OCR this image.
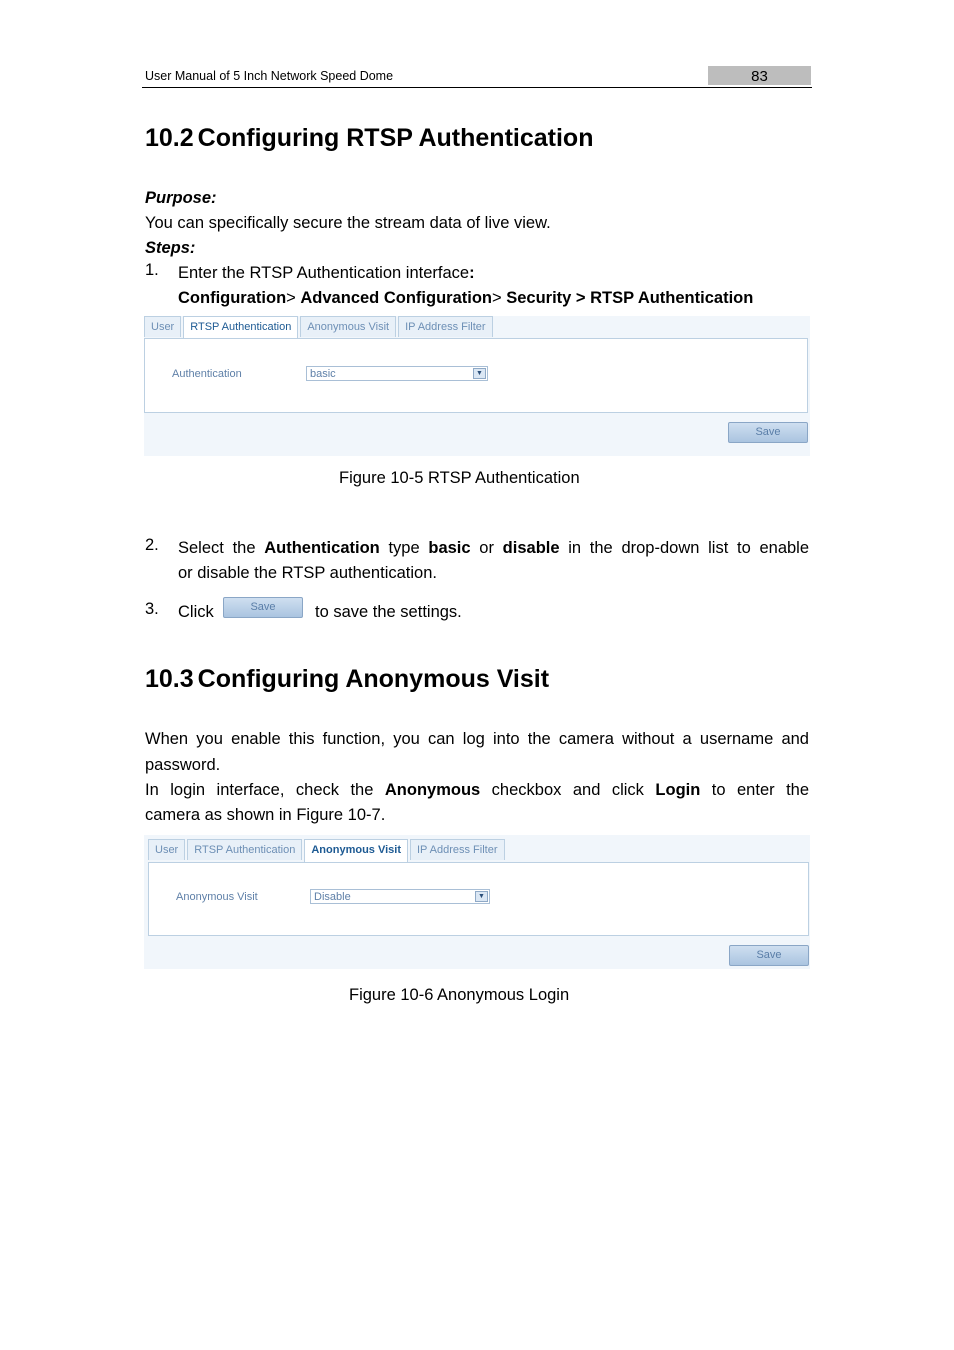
User Manual of 5 Inch Network Speed Dome	83
10.2 Configuring RTSP Authentication
Purpose:
You can specifically secure the stream data of live view.
Steps:
1. Enter the RTSP Authentication interface:
Configuration> Advanced Configuration> Security > RTSP Authentication
User	RTSP Authentication	Anonymous Visit	IP Address Filter
Authentication	basic	▼
Save
Figure 10-5 RTSP Authentication
2. Select the Authentication type basic or disable in the drop-down list to enable
or disable the RTSP authentication.
3. Click	Save	to save the settings.
10.3 Configuring Anonymous Visit
When you enable this function, you can log into the camera without a username and
password.
In login interface, check the Anonymous checkbox and click Login to enter the
camera as shown in Figure 10-7.
User	RTSP Authentication	Anonymous Visit	IP Address Filter
Anonymous Visit	Disable	▼
Save
Figure 10-6 Anonymous Login
